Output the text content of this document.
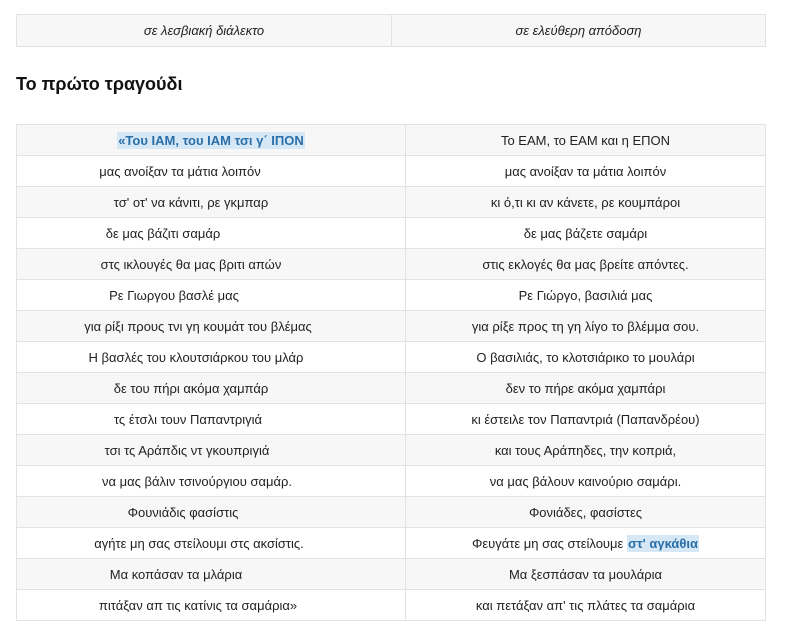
σε λεσβιακή διάλεκτο	σε ελεύθερη απόδοση
Το πρώτο τραγούδι
«Του ΙΑΜ, του ΙΑΜ τσι γ΄ ΙΠΟΝ	Το ΕΑΜ, το ΕΑΜ και η ΕΠΟΝ
μας ανοίξαν τα μάτια λοιπόν	μας ανοίξαν τα μάτια λοιπόν
τσ' οτ' να κάνιτι, ρε γκμπαρ	κι ό,τι κι αν κάνετε, ρε κουμπάροι
δε μας βάζιτι σαμάρ	δε μας βάζετε σαμάρι
στς ικλουγές θα μας βριτι απών	στις εκλογές θα μας βρείτε απόντες.
Ρε Γιωργου βασλέ μας	Ρε Γιώργο, βασιλιά μας
για ρίξι πρους τνι γη κουμάτ του βλέμας	για ρίξε προς τη γη λίγο το βλέμμα σου.
Η βασλές του κλουτσιάρκου του μλάρ	Ο βασιλιάς, το κλοτσιάρικο το μουλάρι
δε του πήρι ακόμα χαμπάρ	δεν το πήρε ακόμα χαμπάρι
τς έτσλι τουν Παπαντριγιά	κι έστειλε τον Παπαντριά (Παπανδρέου)
τσι τς Αράπδις ντ γκουπριγιά	και τους Αράπηδες, την κοπριά,
να μας βάλιν τσινούργιου σαμάρ.	να μας βάλουν καινούριο σαμάρι.
Φουνιάδις φασίστις	Φονιάδες, φασίστες
αγήτε μη σας στείλουμι στς ακσίστις.	Φευγάτε μη σας στείλουμε στ' αγκάθια
Μα κοπάσαν τα μλάρια	Μα ξεσπάσαν τα μουλάρια
πιτάξαν απ τις κατίνις τα σαμάρια»	και πετάξαν απ' τις πλάτες τα σαμάρια
